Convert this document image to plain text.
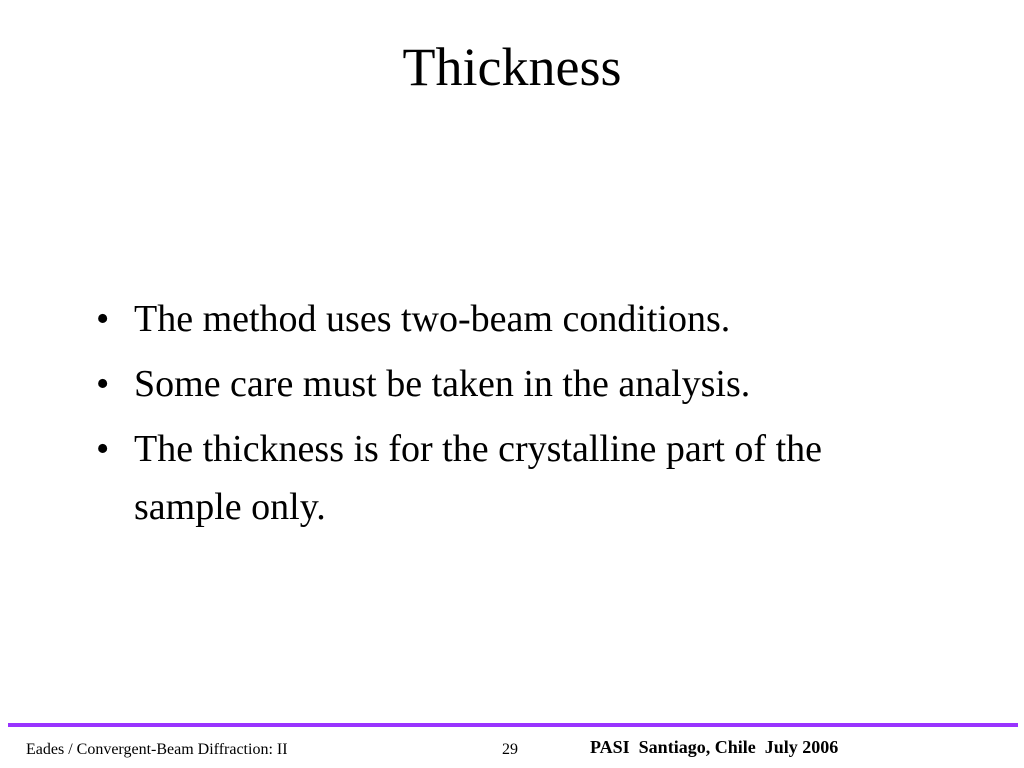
Thickness
• The method uses two-beam conditions.
• Some care must be taken in the analysis.
• The thickness is for the crystalline part of the sample only.
Eades / Convergent-Beam Diffraction: II	29	PASI  Santiago, Chile  July 2006
